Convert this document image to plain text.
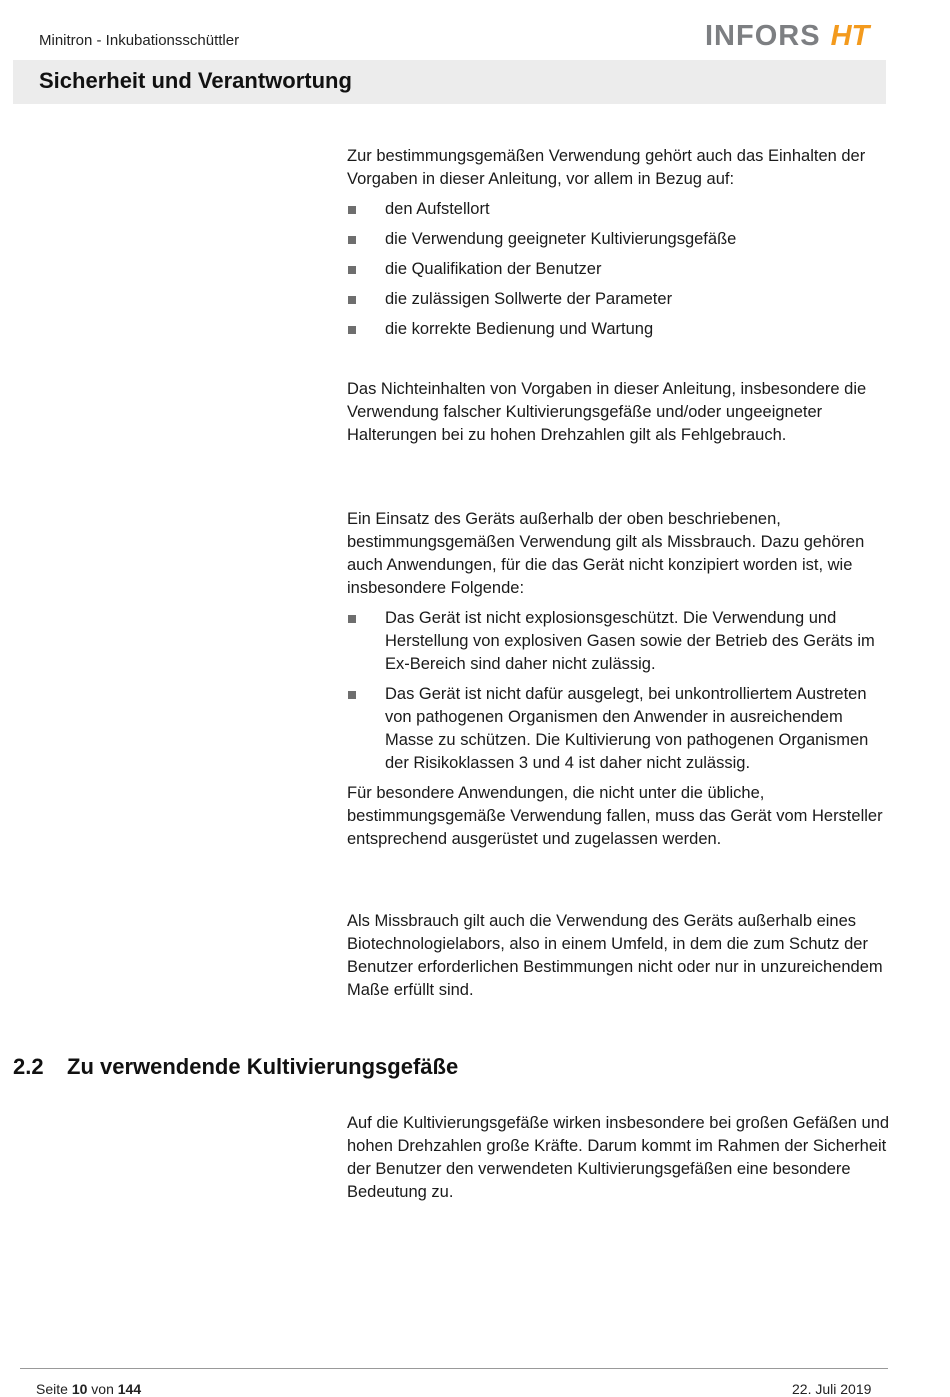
Minitron - Inkubationsschüttler	INFORS HT
Sicherheit und Verantwortung

Zur bestimmungsgemäßen Verwendung gehört auch das Einhalten der Vorgaben in dieser Anleitung, vor allem in Bezug auf:

den Aufstellort
die Verwendung geeigneter Kultivierungsgefäße
die Qualifikation der Benutzer
die zulässigen Sollwerte der Parameter
die korrekte Bedienung und Wartung

Das Nichteinhalten von Vorgaben in dieser Anleitung, insbesondere die Verwendung falscher Kultivierungsgefäße und/oder ungeeigneter Halterungen bei zu hohen Drehzahlen gilt als Fehlgebrauch.

Ein Einsatz des Geräts außerhalb der oben beschriebenen, bestimmungsgemäßen Verwendung gilt als Missbrauch. Dazu gehören auch Anwendungen, für die das Gerät nicht konzipiert worden ist, wie insbesondere Folgende:

Das Gerät ist nicht explosionsgeschützt. Die Verwendung und Herstellung von explosiven Gasen sowie der Betrieb des Geräts im Ex-Bereich sind daher nicht zulässig.
Das Gerät ist nicht dafür ausgelegt, bei unkontrolliertem Austreten von pathogenen Organismen den Anwender in ausreichendem Masse zu schützen. Die Kultivierung von pathogenen Organismen der Risikoklassen 3 und 4 ist daher nicht zulässig.

Für besondere Anwendungen, die nicht unter die übliche, bestimmungsgemäße Verwendung fallen, muss das Gerät vom Hersteller entsprechend ausgerüstet und zugelassen werden.

Als Missbrauch gilt auch die Verwendung des Geräts außerhalb eines Biotechnologielabors, also in einem Umfeld, in dem die zum Schutz der Benutzer erforderlichen Bestimmungen nicht oder nur in unzureichendem Maße erfüllt sind.

2.2 Zu verwendende Kultivierungsgefäße

Auf die Kultivierungsgefäße wirken insbesondere bei großen Gefäßen und hohen Drehzahlen große Kräfte. Darum kommt im Rahmen der Sicherheit der Benutzer den verwendeten Kultivierungsgefäßen eine besondere Bedeutung zu.

Seite 10 von 144	22. Juli 2019
